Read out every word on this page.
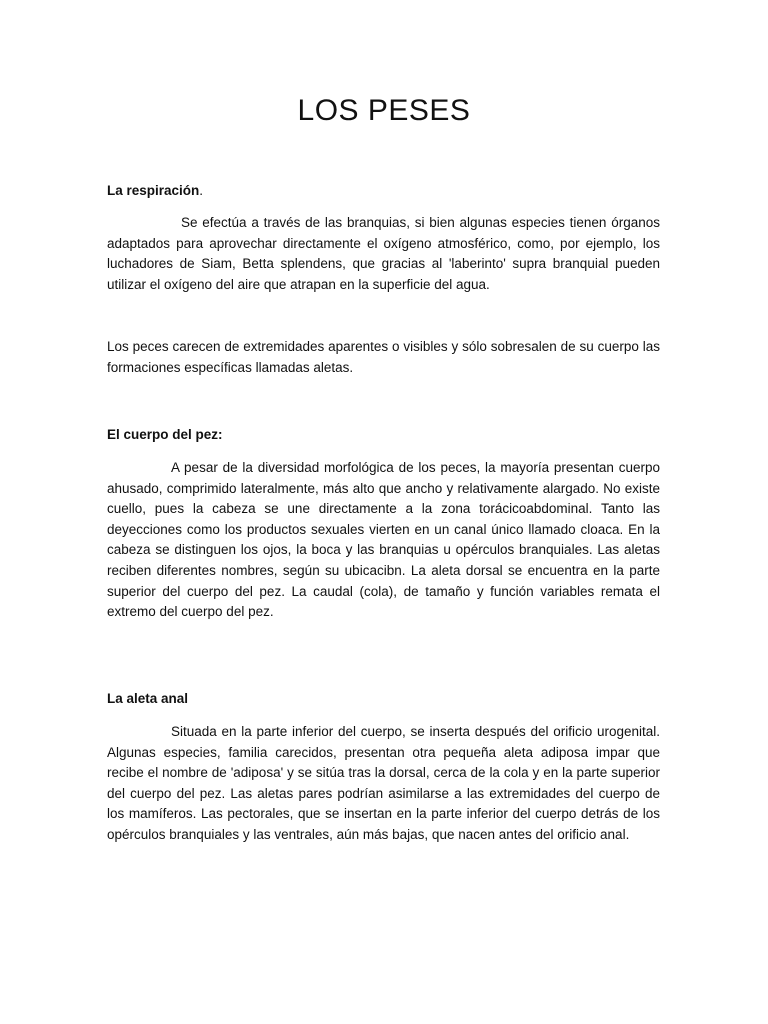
LOS PESES

La respiración.

Se efectúa a través de las branquias, si bien algunas especies tienen órganos adaptados para aprovechar directamente el oxígeno atmosférico, como, por ejemplo, los luchadores de Siam, Betta splendens, que gracias al 'laberinto' supra branquial pueden utilizar el oxígeno del aire que atrapan en la superficie del agua.

Los peces carecen de extremidades aparentes o visibles y sólo sobresalen de su cuerpo las formaciones específicas llamadas aletas.

El cuerpo del pez:

A pesar de la diversidad morfológica de los peces, la mayoría presentan cuerpo ahusado, comprimido lateralmente, más alto que ancho y relativamente alargado. No existe cuello, pues la cabeza se une directamente a la zona torácicoabdominal. Tanto las deyecciones como los productos sexuales vierten en un canal único llamado cloaca. En la cabeza se distinguen los ojos, la boca y las branquias u opérculos branquiales. Las aletas reciben diferentes nombres, según su ubicacibn. La aleta dorsal se encuentra en la parte superior del cuerpo del pez. La caudal (cola), de tamaño y función variables remata el extremo del cuerpo del pez.

La aleta anal

Situada en la parte inferior del cuerpo, se inserta después del orificio urogenital. Algunas especies, familia carecidos, presentan otra pequeña aleta adiposa impar que recibe el nombre de 'adiposa' y se sitúa tras la dorsal, cerca de la cola y en la parte superior del cuerpo del pez. Las aletas pares podrían asimilarse a las extremidades del cuerpo de los mamíferos. Las pectorales, que se insertan en la parte inferior del cuerpo detrás de los opérculos branquiales y las ventrales, aún más bajas, que nacen antes del orificio anal.
